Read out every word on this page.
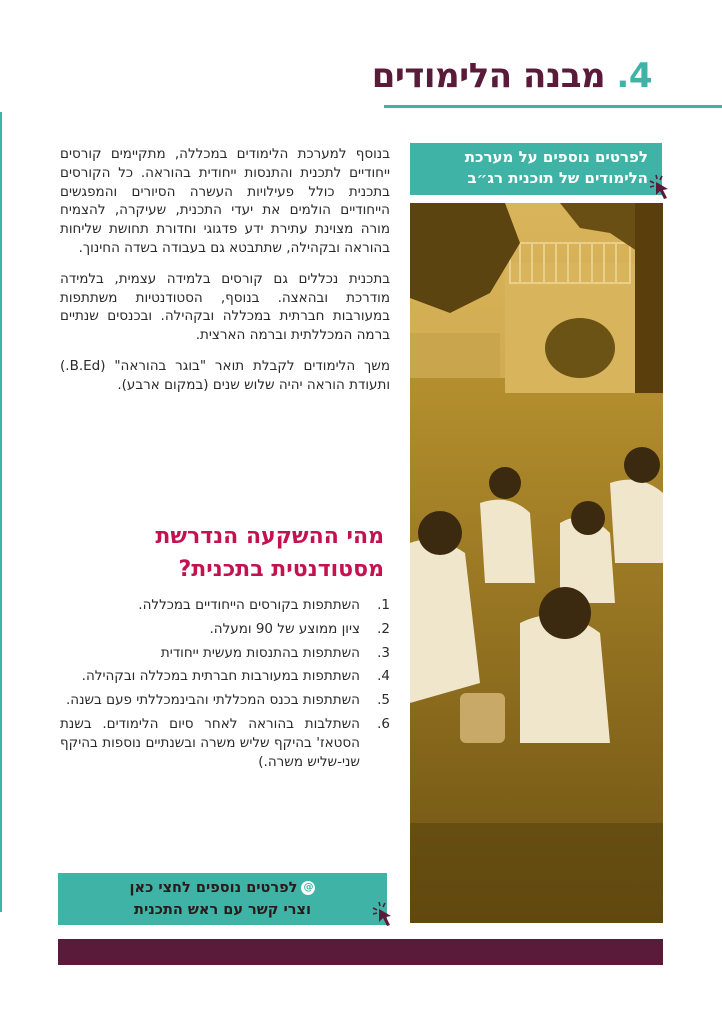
4. מבנה הלימודים
לפרטים נוספים על מערכת
הלימודים של תוכנית רג״ב

בנוסף למערכת הלימודים במכללה, מתקיימים קורסים ייחודיים לתכנית והתנסות ייחודית בהוראה. כל הקורסים בתכנית כולל פעילויות העשרה הסיורים והמפגשים הייחודיים הולמים את יעדי התכנית, שעיקרה, להצמיח מורה מצוינת עתירת ידע פדגוגי וחדורת תחושת שליחות בהוראה ובקהילה, שתתבטא גם בעבודה בשדה החינוך.

בתכנית נכללים גם קורסים בלמידה עצמית, בלמידה מודרכת ובהאצה. בנוסף, הסטודנטיות משתתפות במעורבות חברתית במכללה ובקהילה. ובכנסים שנתיים ברמה המכללתית וברמה הארצית.

משך הלימודים לקבלת תואר "בוגר בהוראה" (B.Ed.) ותעודת הוראה יהיה שלוש שנים (במקום ארבע).

מהי ההשקעה הנדרשת
מסטודנטית בתכנית?
1.
השתתפות בקורסים הייחודיים במכללה.
2.
ציון ממוצע של 90 ומעלה.
3.
השתתפות בהתנסות מעשית ייחודית
4.
השתתפות במעורבות חברתית במכללה ובקהילה.
5.
השתתפות בכנס המכללתי והבינמכללתי פעם בשנה.
6.
השתלבות בהוראה לאחר סיום הלימודים. בשנת הסטאז' בהיקף שליש משרה ובשנתיים נוספות בהיקף שני-שליש משרה.)
@לפרטים נוספים לחצי כאן
וצרי קשר עם ראש התכנית
